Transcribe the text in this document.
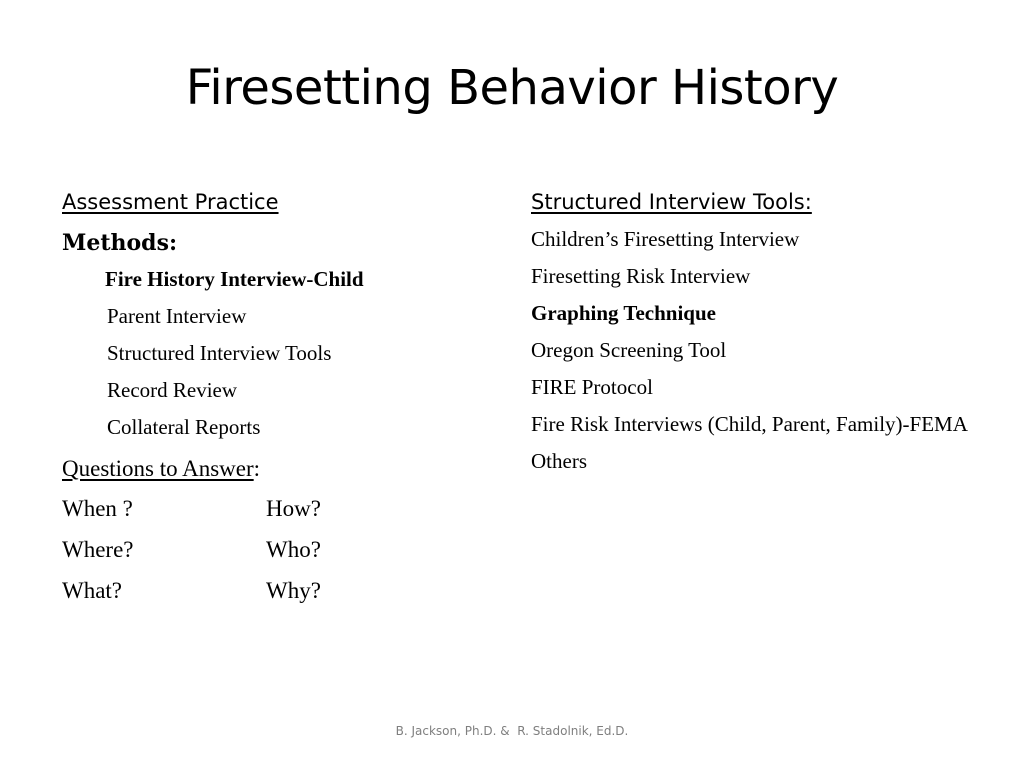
Firesetting Behavior History
Assessment Practice
Methods:
Fire History Interview-Child
Parent Interview
Structured Interview Tools
Record Review
Collateral Reports
Questions to Answer:
When ?	How?
Where?	Who?
What?	Why?
Structured Interview Tools:
Children’s Firesetting Interview
Firesetting Risk Interview
Graphing Technique
Oregon Screening Tool
FIRE Protocol
Fire Risk Interviews (Child, Parent, Family)-FEMA
Others
B. Jackson, Ph.D. &  R. Stadolnik, Ed.D.
